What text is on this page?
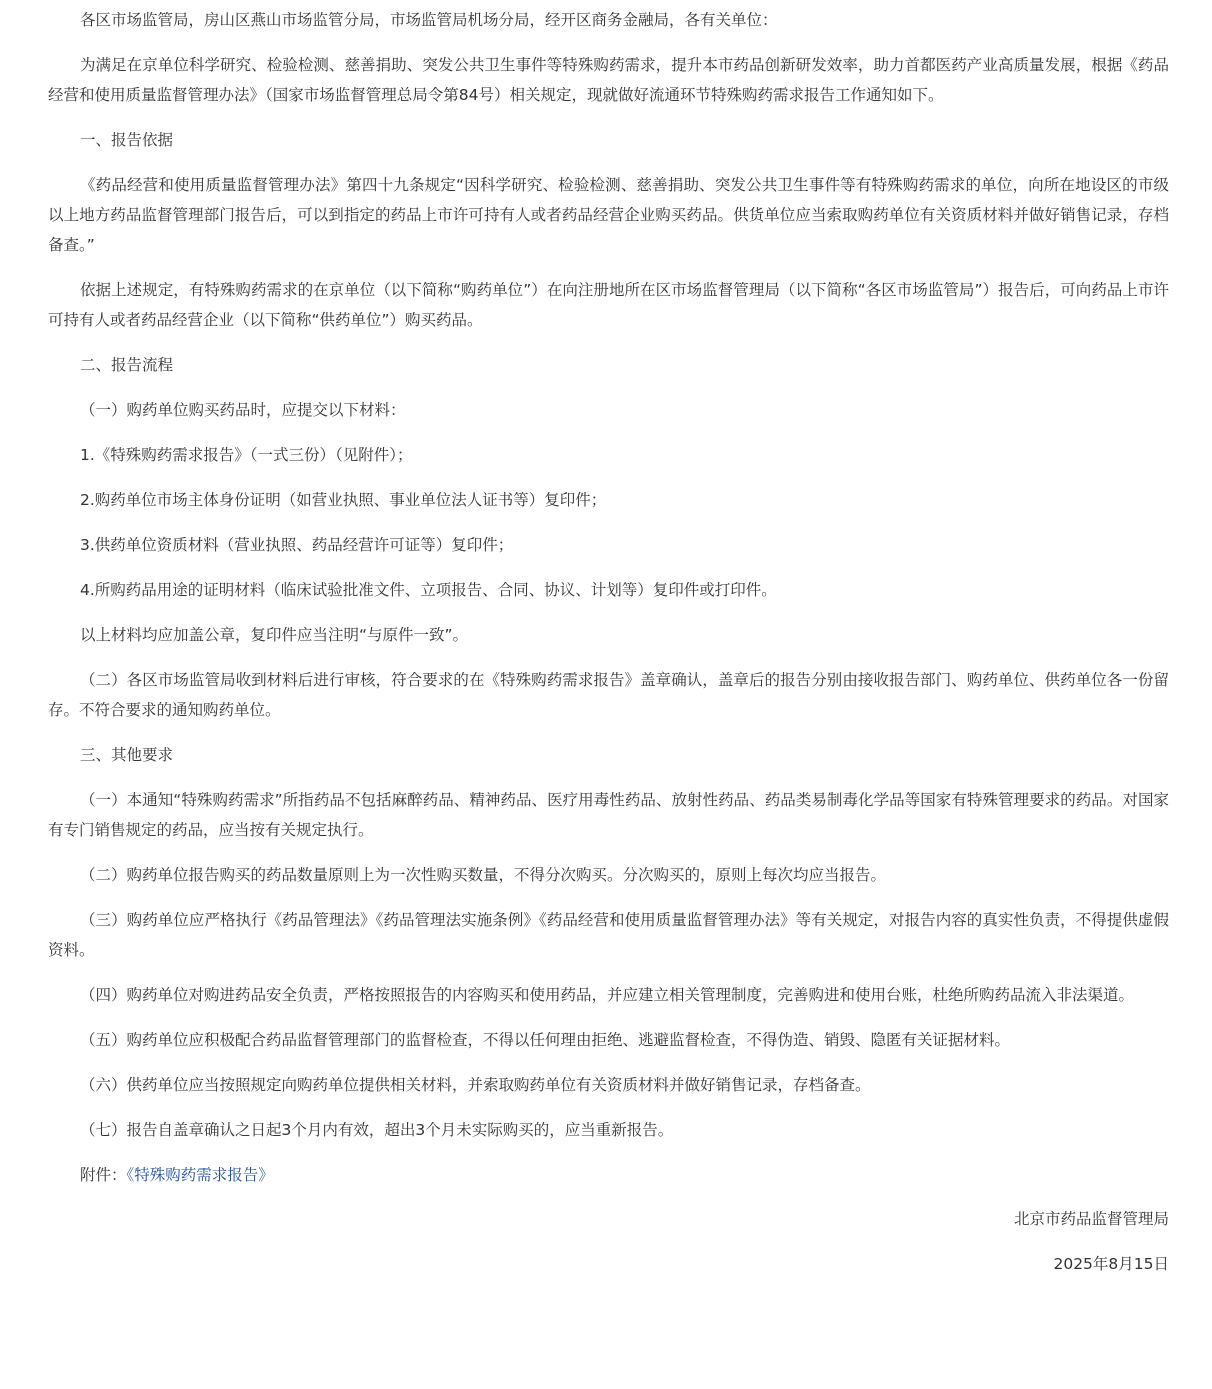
各区市场监管局，房山区燕山市场监管分局，市场监管局机场分局，经开区商务金融局，各有关单位：

为满足在京单位科学研究、检验检测、慈善捐助、突发公共卫生事件等特殊购药需求，提升本市药品创新研发效率，助力首都医药产业高质量发展，根据《药品经营和使用质量监督管理办法》（国家市场监督管理总局令第84号）相关规定，现就做好流通环节特殊购药需求报告工作通知如下。

一、报告依据

《药品经营和使用质量监督管理办法》第四十九条规定“因科学研究、检验检测、慈善捐助、突发公共卫生事件等有特殊购药需求的单位，向所在地设区的市级以上地方药品监督管理部门报告后，可以到指定的药品上市许可持有人或者药品经营企业购买药品。供货单位应当索取购药单位有关资质材料并做好销售记录，存档备查。”

依据上述规定，有特殊购药需求的在京单位（以下简称“购药单位”）在向注册地所在区市场监督管理局（以下简称“各区市场监管局”）报告后，可向药品上市许可持有人或者药品经营企业（以下简称“供药单位”）购买药品。

二、报告流程

（一）购药单位购买药品时，应提交以下材料：

1.《特殊购药需求报告》（一式三份）（见附件）；

2.购药单位市场主体身份证明（如营业执照、事业单位法人证书等）复印件；

3.供药单位资质材料（营业执照、药品经营许可证等）复印件；

4.所购药品用途的证明材料（临床试验批准文件、立项报告、合同、协议、计划等）复印件或打印件。

以上材料均应加盖公章，复印件应当注明“与原件一致”。

（二）各区市场监管局收到材料后进行审核，符合要求的在《特殊购药需求报告》盖章确认，盖章后的报告分别由接收报告部门、购药单位、供药单位各一份留存。不符合要求的通知购药单位。

三、其他要求

（一）本通知“特殊购药需求”所指药品不包括麻醉药品、精神药品、医疗用毒性药品、放射性药品、药品类易制毒化学品等国家有特殊管理要求的药品。对国家有专门销售规定的药品，应当按有关规定执行。

（二）购药单位报告购买的药品数量原则上为一次性购买数量，不得分次购买。分次购买的，原则上每次均应当报告。

（三）购药单位应严格执行《药品管理法》《药品管理法实施条例》《药品经营和使用质量监督管理办法》等有关规定，对报告内容的真实性负责，不得提供虚假资料。

（四）购药单位对购进药品安全负责，严格按照报告的内容购买和使用药品，并应建立相关管理制度，完善购进和使用台账，杜绝所购药品流入非法渠道。

（五）购药单位应积极配合药品监督管理部门的监督检查，不得以任何理由拒绝、逃避监督检查，不得伪造、销毁、隐匿有关证据材料。

（六）供药单位应当按照规定向购药单位提供相关材料，并索取购药单位有关资质材料并做好销售记录，存档备查。

（七）报告自盖章确认之日起3个月内有效，超出3个月未实际购买的，应当重新报告。

附件：《特殊购药需求报告》

北京市药品监督管理局
2025年8月15日
